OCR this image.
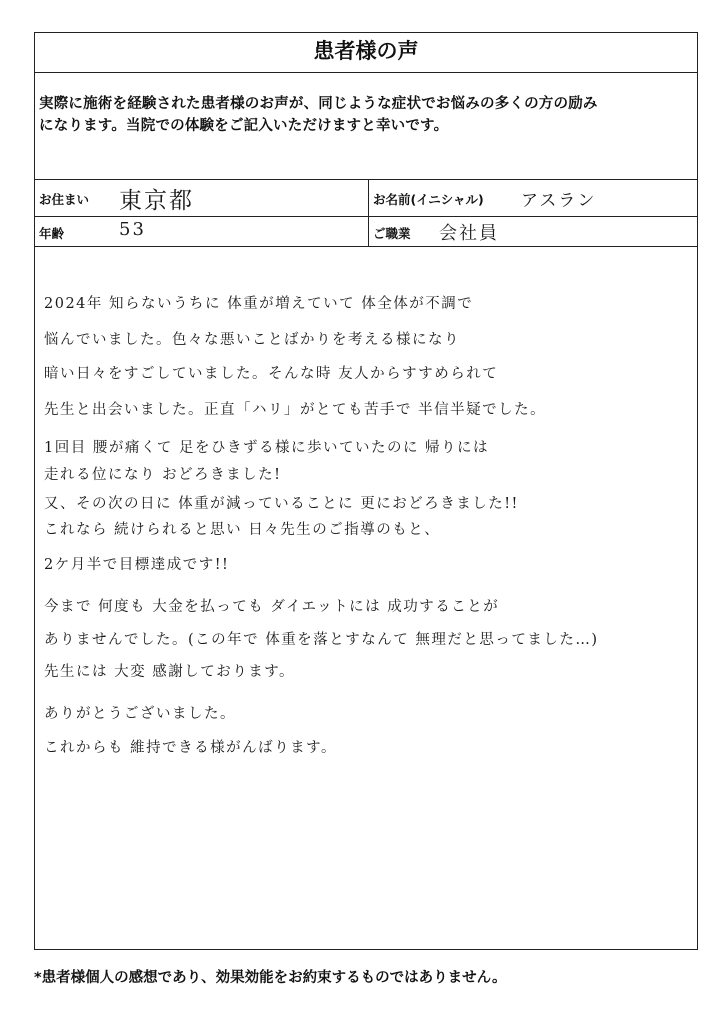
患者様の声
実際に施術を経験された患者様のお声が、同じような症状でお悩みの多くの方の励み
になります。当院での体験をご記入いただけますと幸いです。
お住まい 東京都	お名前(イニシャル) アスラン
年齢	53	ご職業 会社員
2024年 知らないうちに 体重が増えていて 体全体が不調で
悩んでいました。色々な悪いことばかりを考える様になり
暗い日々をすごしていました。そんな時 友人からすすめられて
先生と出会いました。正直「ハリ」がとても苦手で 半信半疑でした。
1回目 腰が痛くて 足をひきずる様に歩いていたのに 帰りには
走れる位になり おどろきました!
又、その次の日に 体重が減っていることに 更におどろきました!!
これなら 続けられると思い 日々先生のご指導のもと、
2ケ月半で目標達成です!!
今まで 何度も 大金を払っても ダイエットには 成功することが
ありませんでした。(この年で 体重を落とすなんて 無理だと思ってました…)
先生には 大変 感謝しております。
ありがとうございました。
これからも 維持できる様がんばります。
*患者様個人の感想であり、効果効能をお約束するものではありません。
